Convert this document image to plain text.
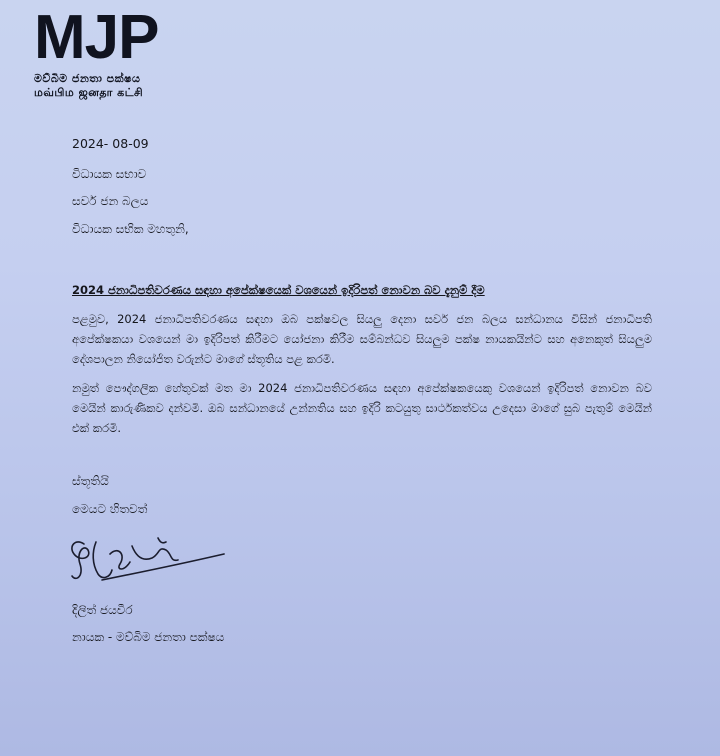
MJP
මව්බිම ජනතා පක්ෂය
மவ்பிம ஜனதா கட்சி
2024- 08-09
විධායක සභාව
සර්ව ජන බලය
විධායක සභික මහතුනි,
2024 ජනාධිපතිවරණය සඳහා අපේක්ෂයෙක් වශයෙන් ඉදිරිපත් නොවන බව දැනුම් දීම
පළමුව, 2024 ජනාධිපතිවරණය සඳහා ඔබ පක්ෂවල සියලු දෙනා සර්ව ජන බලය සන්ධානය විසින් ජනාධිපති අපේක්ෂකයා වශයෙන් මා ඉදිරිපත් කිරීමට යෝජනා කිරීම සම්බන්ධව සියලුම පක්ෂ නායකයින්ට සහ අනෙකුත් සියලුම දේශපාලන නියෝජිත වරුන්ට මාගේ ස්තූතිය පළ කරමි.
නමුත් පෞද්ගලික හේතුවක් මත මා 2024 ජනාධිපතිවරණය සඳහා අපේක්ෂකයෙකු වශයෙන් ඉදිරිපත් නොවන බව මෙයින් කාරුණිකව දන්වමි. ඔබ සන්ධානයේ උන්නතිය සහ ඉදිරි කටයුතු සාර්ථකත්වය උදෙසා මාගේ සුබ පැතුම් මෙයින් එක් කරමි.
ස්තූතියි
මෙයට හිතවත්
දිලිත් ජයවීර
නායක - මව්බිම ජනතා පක්ෂය
